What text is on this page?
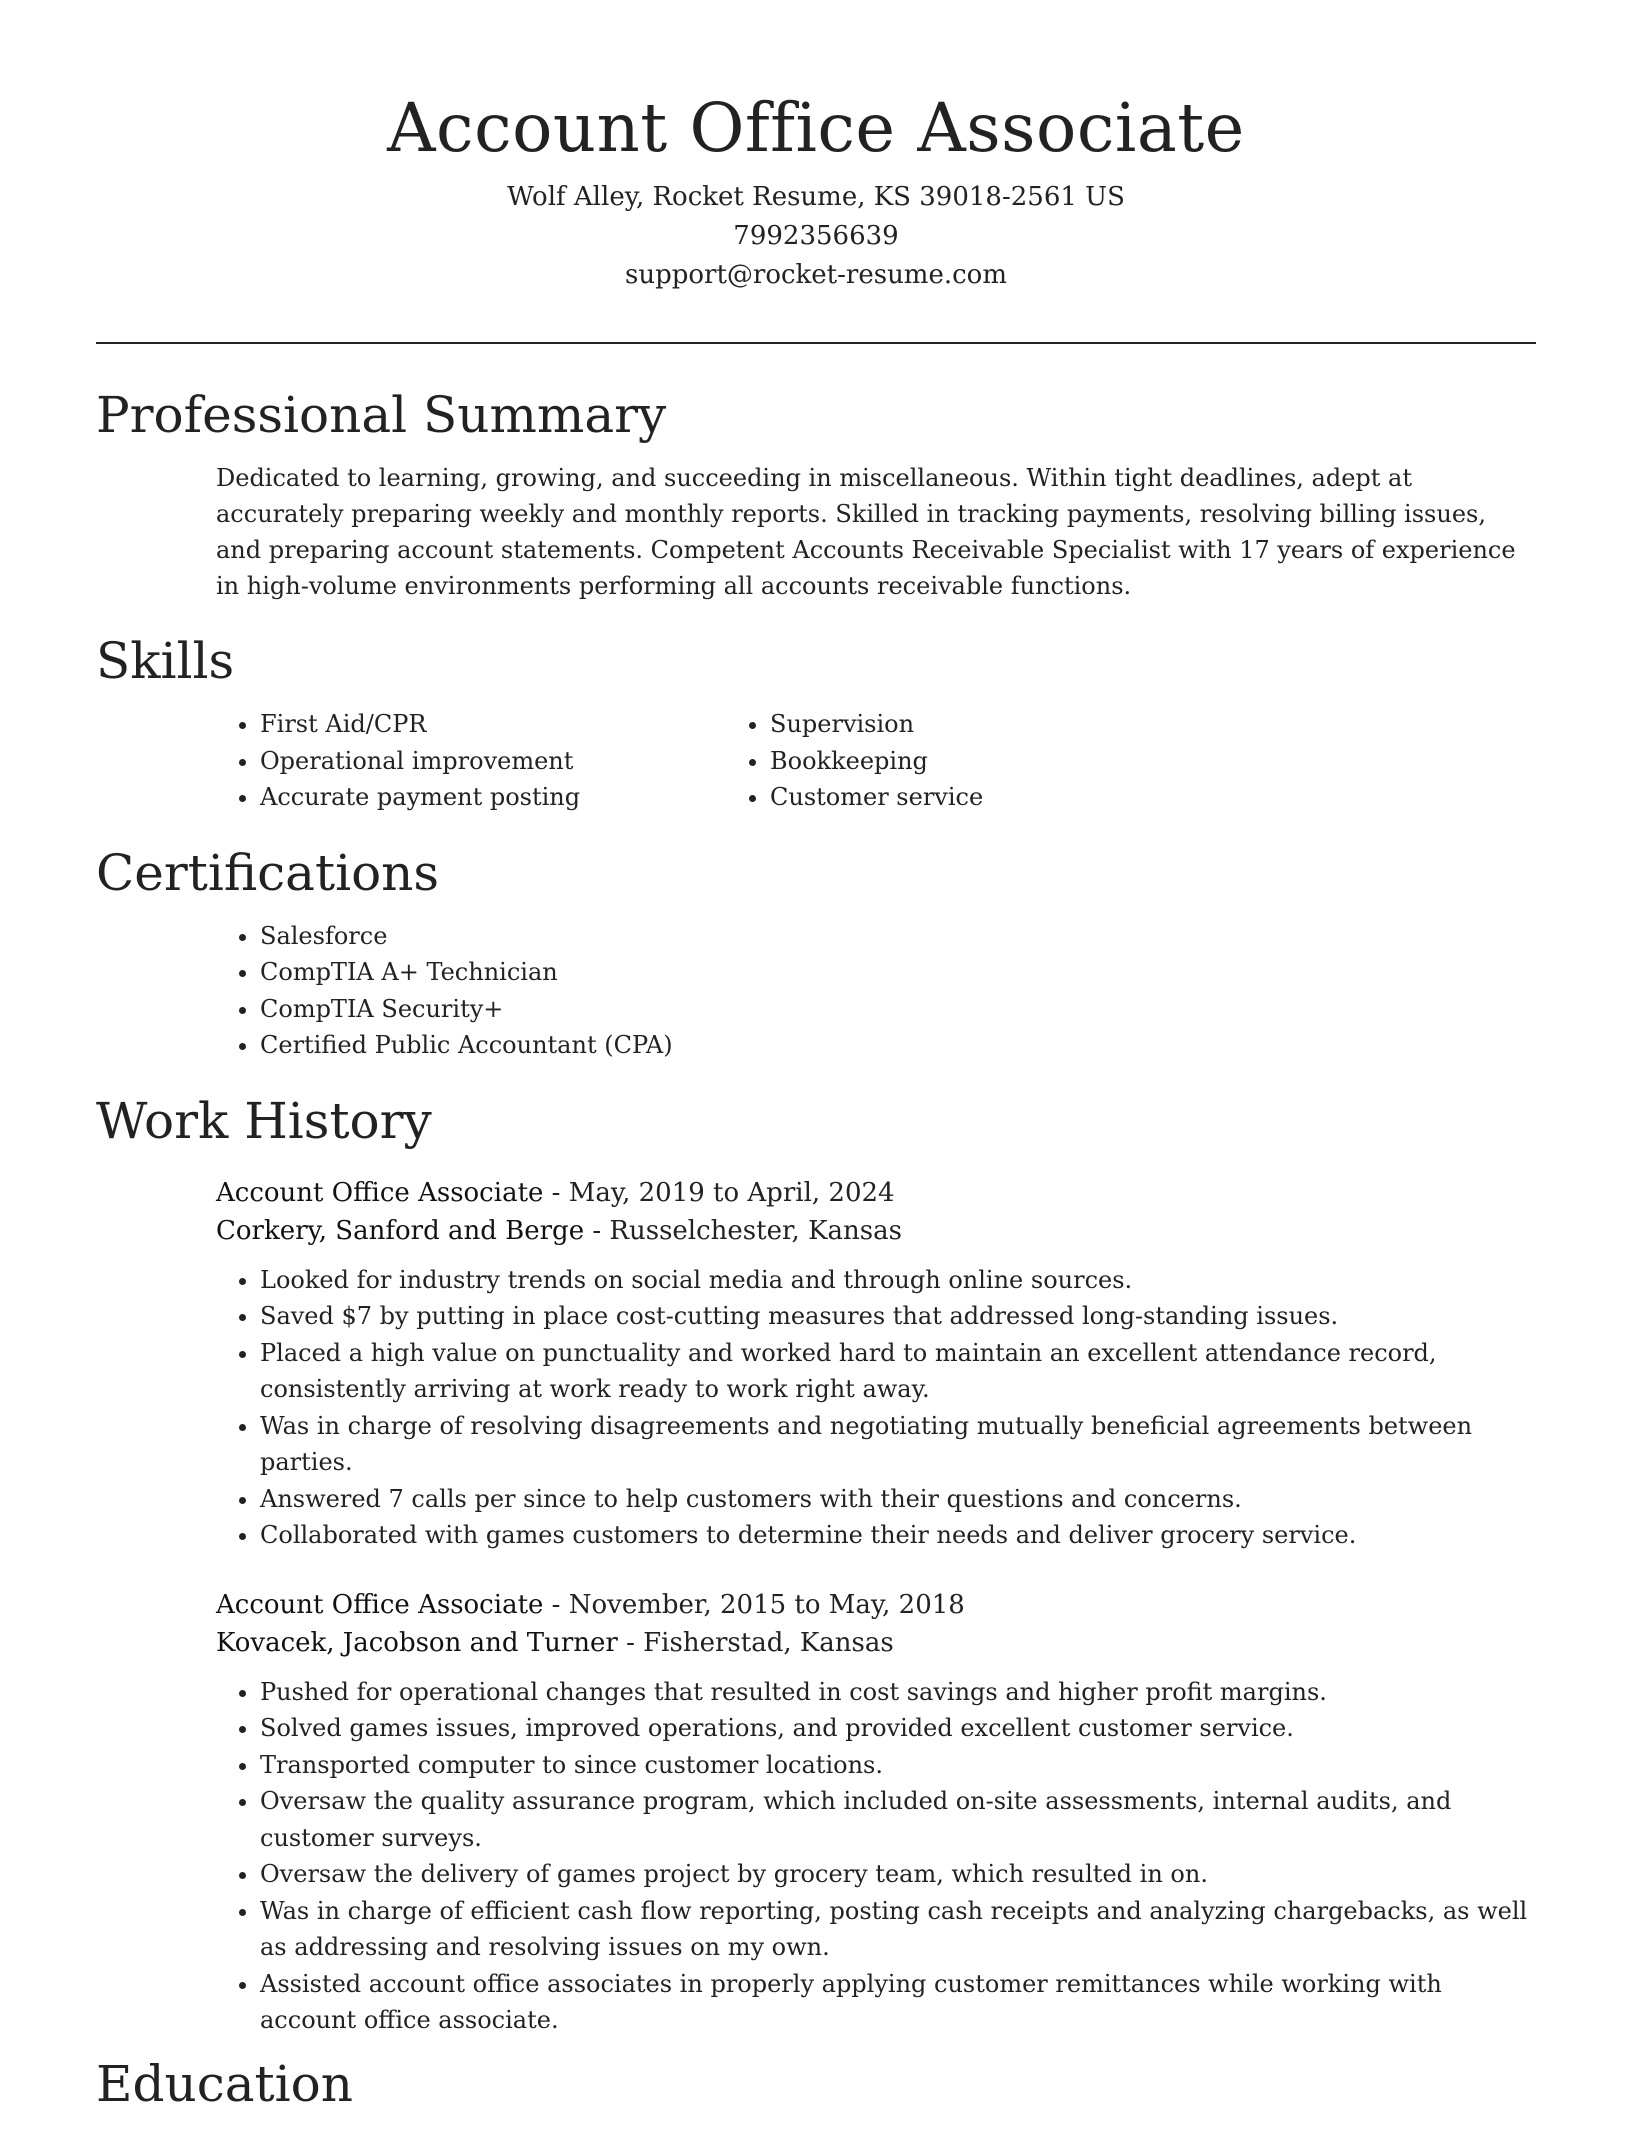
Account Office Associate
Wolf Alley, Rocket Resume, KS 39018-2561 US
7992356639
support@rocket-resume.com
Professional Summary

Dedicated to learning, growing, and succeeding in miscellaneous. Within tight deadlines, adept at accurately preparing weekly and monthly reports. Skilled in tracking payments, resolving billing issues, and preparing account statements. Competent Accounts Receivable Specialist with 17 years of experience in high-volume environments performing all accounts receivable functions.

Skills
• First Aid/CPR
• Operational improvement
• Accurate payment posting
• Supervision
• Bookkeeping
• Customer service
Certifications
• Salesforce
• CompTIA A+ Technician
• CompTIA Security+
• Certified Public Accountant (CPA)
Work History
Account Office Associate - May, 2019 to April, 2024
Corkery, Sanford and Berge - Russelchester, Kansas
• Looked for industry trends on social media and through online sources.
• Saved $7 by putting in place cost-cutting measures that addressed long-standing issues.
• Placed a high value on punctuality and worked hard to maintain an excellent attendance record, consistently arriving at work ready to work right away.
• Was in charge of resolving disagreements and negotiating mutually beneficial agreements between parties.
• Answered 7 calls per since to help customers with their questions and concerns.
• Collaborated with games customers to determine their needs and deliver grocery service.
Account Office Associate - November, 2015 to May, 2018
Kovacek, Jacobson and Turner - Fisherstad, Kansas
• Pushed for operational changes that resulted in cost savings and higher profit margins.
• Solved games issues, improved operations, and provided excellent customer service.
• Transported computer to since customer locations.
• Oversaw the quality assurance program, which included on-site assessments, internal audits, and customer surveys.
• Oversaw the delivery of games project by grocery team, which resulted in on.
• Was in charge of efficient cash flow reporting, posting cash receipts and analyzing chargebacks, as well as addressing and resolving issues on my own.
• Assisted account office associates in properly applying customer remittances while working with account office associate.
Education
